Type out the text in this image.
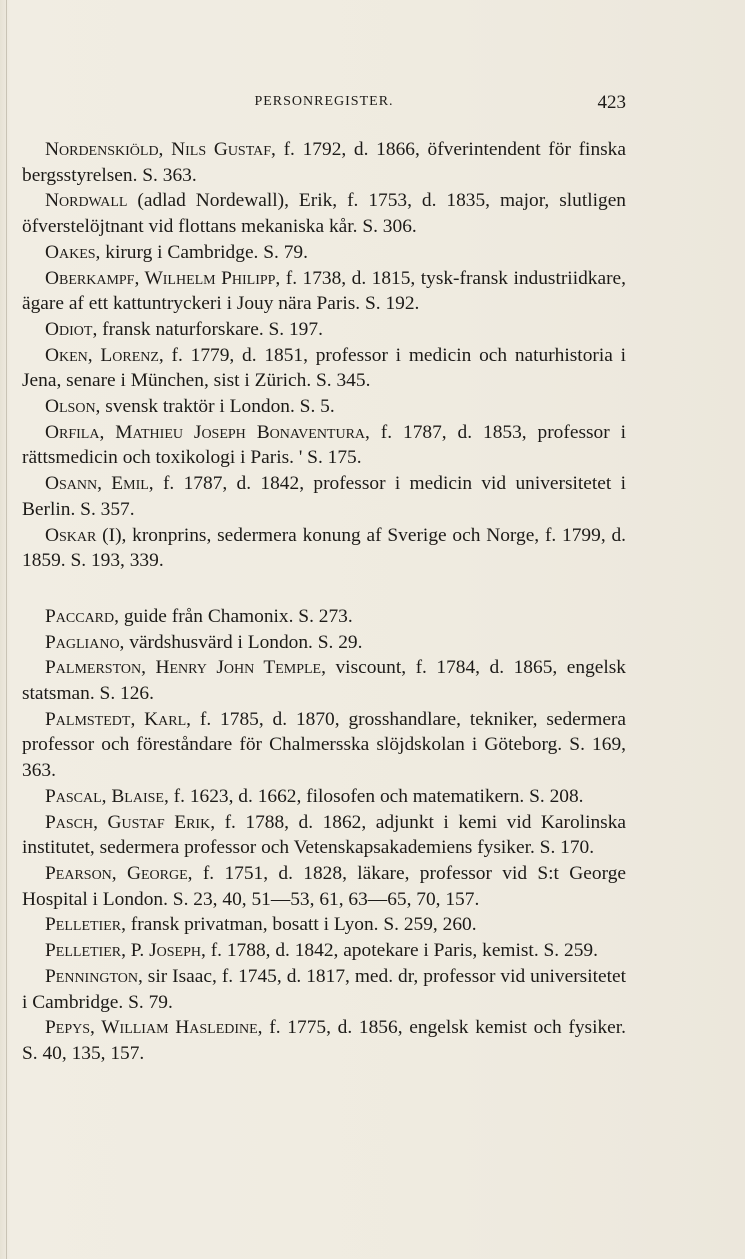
PERSONREGISTER.	423

Nordenskiöld, Nils Gustaf, f. 1792, d. 1866, öfverintendent för finska bergsstyrelsen. S. 363.

Nordwall (adlad Nordewall), Erik, f. 1753, d. 1835, major, slutligen öfverstelöjtnant vid flottans mekaniska kår. S. 306.

Oakes, kirurg i Cambridge. S. 79.

Oberkampf, Wilhelm Philipp, f. 1738, d. 1815, tysk-fransk industriidkare, ägare af ett kattuntryckeri i Jouy nära Paris. S. 192.

Odiot, fransk naturforskare. S. 197.

Oken, Lorenz, f. 1779, d. 1851, professor i medicin och naturhistoria i Jena, senare i München, sist i Zürich. S. 345.

Olson, svensk traktör i London. S. 5.

Orfila, Mathieu Joseph Bonaventura, f. 1787, d. 1853, professor i rättsmedicin och toxikologi i Paris. ' S. 175.

Osann, Emil, f. 1787, d. 1842, professor i medicin vid universitetet i Berlin. S. 357.

Oskar (I), kronprins, sedermera konung af Sverige och Norge, f. 1799, d. 1859. S. 193, 339.

Paccard, guide från Chamonix. S. 273.

Pagliano, värdshusvärd i London. S. 29.

Palmerston, Henry John Temple, viscount, f. 1784, d. 1865, engelsk statsman. S. 126.

Palmstedt, Karl, f. 1785, d. 1870, grosshandlare, tekniker, sedermera professor och föreståndare för Chalmersska slöjdskolan i Göteborg. S. 169, 363.

Pascal, Blaise, f. 1623, d. 1662, filosofen och matematikern. S. 208.

Pasch, Gustaf Erik, f. 1788, d. 1862, adjunkt i kemi vid Karolinska institutet, sedermera professor och Vetenskapsakademiens fysiker. S. 170.

Pearson, George, f. 1751, d. 1828, läkare, professor vid S:t George Hospital i London. S. 23, 40, 51—53, 61, 63—65, 70, 157.

Pelletier, fransk privatman, bosatt i Lyon. S. 259, 260.

Pelletier, P. Joseph, f. 1788, d. 1842, apotekare i Paris, kemist. S. 259.

Pennington, sir Isaac, f. 1745, d. 1817, med. dr, professor vid universitetet i Cambridge. S. 79.

Pepys, William Hasledine, f. 1775, d. 1856, engelsk kemist och fysiker. S. 40, 135, 157.
